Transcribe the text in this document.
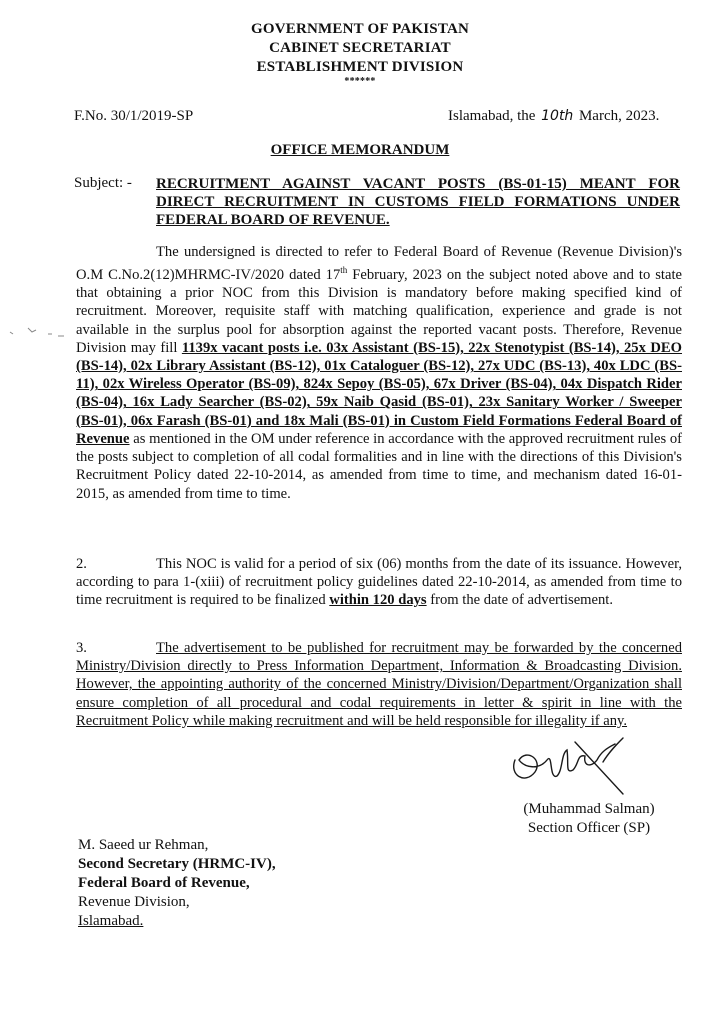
GOVERNMENT OF PAKISTAN
CABINET SECRETARIAT
ESTABLISHMENT DIVISION
******
F.No. 30/1/2019-SP	Islamabad, the 10th March, 2023.
OFFICE MEMORANDUM
Subject: - RECRUITMENT AGAINST VACANT POSTS (BS-01-15) MEANT FOR DIRECT RECRUITMENT IN CUSTOMS FIELD FORMATIONS UNDER FEDERAL BOARD OF REVENUE.
The undersigned is directed to refer to Federal Board of Revenue (Revenue Division)'s O.M C.No.2(12)MHRMC-IV/2020 dated 17th February, 2023 on the subject noted above and to state that obtaining a prior NOC from this Division is mandatory before making specified kind of recruitment. Moreover, requisite staff with matching qualification, experience and grade is not available in the surplus pool for absorption against the reported vacant posts. Therefore, Revenue Division may fill 1139x vacant posts i.e. 03x Assistant (BS-15), 22x Stenotypist (BS-14), 25x DEO (BS-14), 02x Library Assistant (BS-12), 01x Cataloguer (BS-12), 27x UDC (BS-13), 40x LDC (BS-11), 02x Wireless Operator (BS-09), 824x Sepoy (BS-05), 67x Driver (BS-04), 04x Dispatch Rider (BS-04), 16x Lady Searcher (BS-02), 59x Naib Qasid (BS-01), 23x Sanitary Worker / Sweeper (BS-01), 06x Farash (BS-01) and 18x Mali (BS-01) in Custom Field Formations Federal Board of Revenue as mentioned in the OM under reference in accordance with the approved recruitment rules of the posts subject to completion of all codal formalities and in line with the directions of this Division's Recruitment Policy dated 22-10-2014, as amended from time to time, and mechanism dated 16-01-2015, as amended from time to time.
2.	This NOC is valid for a period of six (06) months from the date of its issuance. However, according to para 1-(xiii) of recruitment policy guidelines dated 22-10-2014, as amended from time to time recruitment is required to be finalized within 120 days from the date of advertisement.
3.	The advertisement to be published for recruitment may be forwarded by the concerned Ministry/Division directly to Press Information Department, Information & Broadcasting Division. However, the appointing authority of the concerned Ministry/Division/Department/Organization shall ensure completion of all procedural and codal requirements in letter & spirit in line with the Recruitment Policy while making recruitment and will be held responsible for illegality if any.
(Muhammad Salman)
Section Officer (SP)
M. Saeed ur Rehman,
Second Secretary (HRMC-IV),
Federal Board of Revenue,
Revenue Division,
Islamabad.
